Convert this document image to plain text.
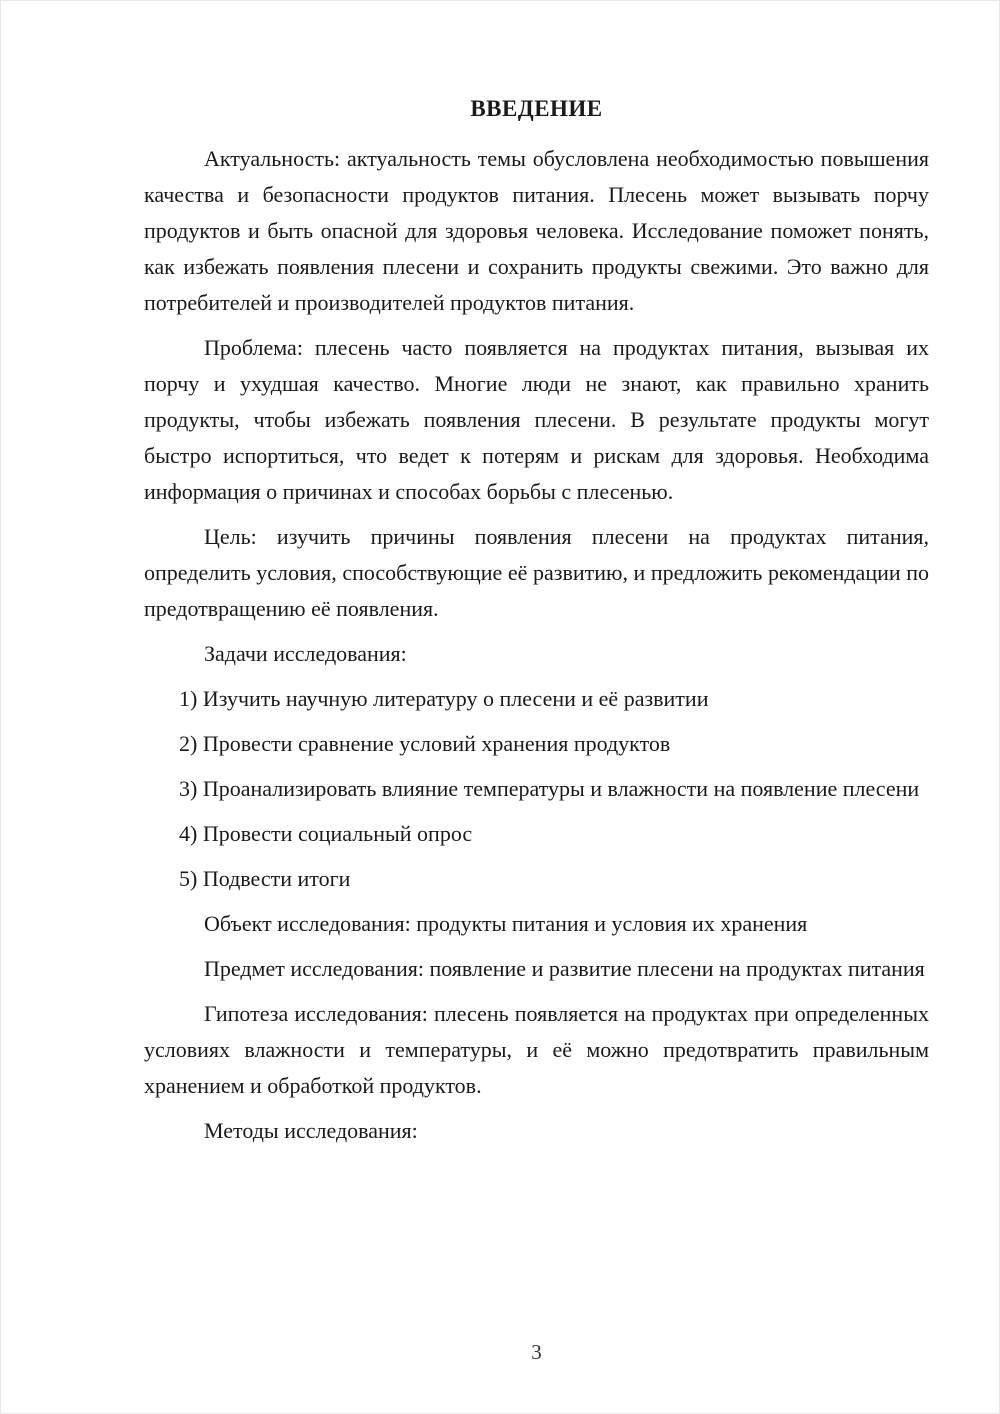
ВВЕДЕНИЕ

Актуальность: актуальность темы обусловлена необходимостью повышения качества и безопасности продуктов питания. Плесень может вызывать порчу продуктов и быть опасной для здоровья человека. Исследование поможет понять, как избежать появления плесени и сохранить продукты свежими. Это важно для потребителей и производителей продуктов питания.

Проблема: плесень часто появляется на продуктах питания, вызывая их порчу и ухудшая качество. Многие люди не знают, как правильно хранить продукты, чтобы избежать появления плесени. В результате продукты могут быстро испортиться, что ведет к потерям и рискам для здоровья. Необходима информация о причинах и способах борьбы с плесенью.

Цель: изучить причины появления плесени на продуктах питания, определить условия, способствующие её развитию, и предложить рекомендации по предотвращению её появления.

Задачи исследования:

1) Изучить научную литературу о плесени и её развитии

2) Провести сравнение условий хранения продуктов

3) Проанализировать влияние температуры и влажности на появление плесени

4) Провести социальный опрос

5) Подвести итоги

Объект исследования: продукты питания и условия их хранения

Предмет исследования: появление и развитие плесени на продуктах питания

Гипотеза исследования: плесень появляется на продуктах при определенных условиях влажности и температуры, и её можно предотвратить правильным хранением и обработкой продуктов.

Методы исследования:

3
